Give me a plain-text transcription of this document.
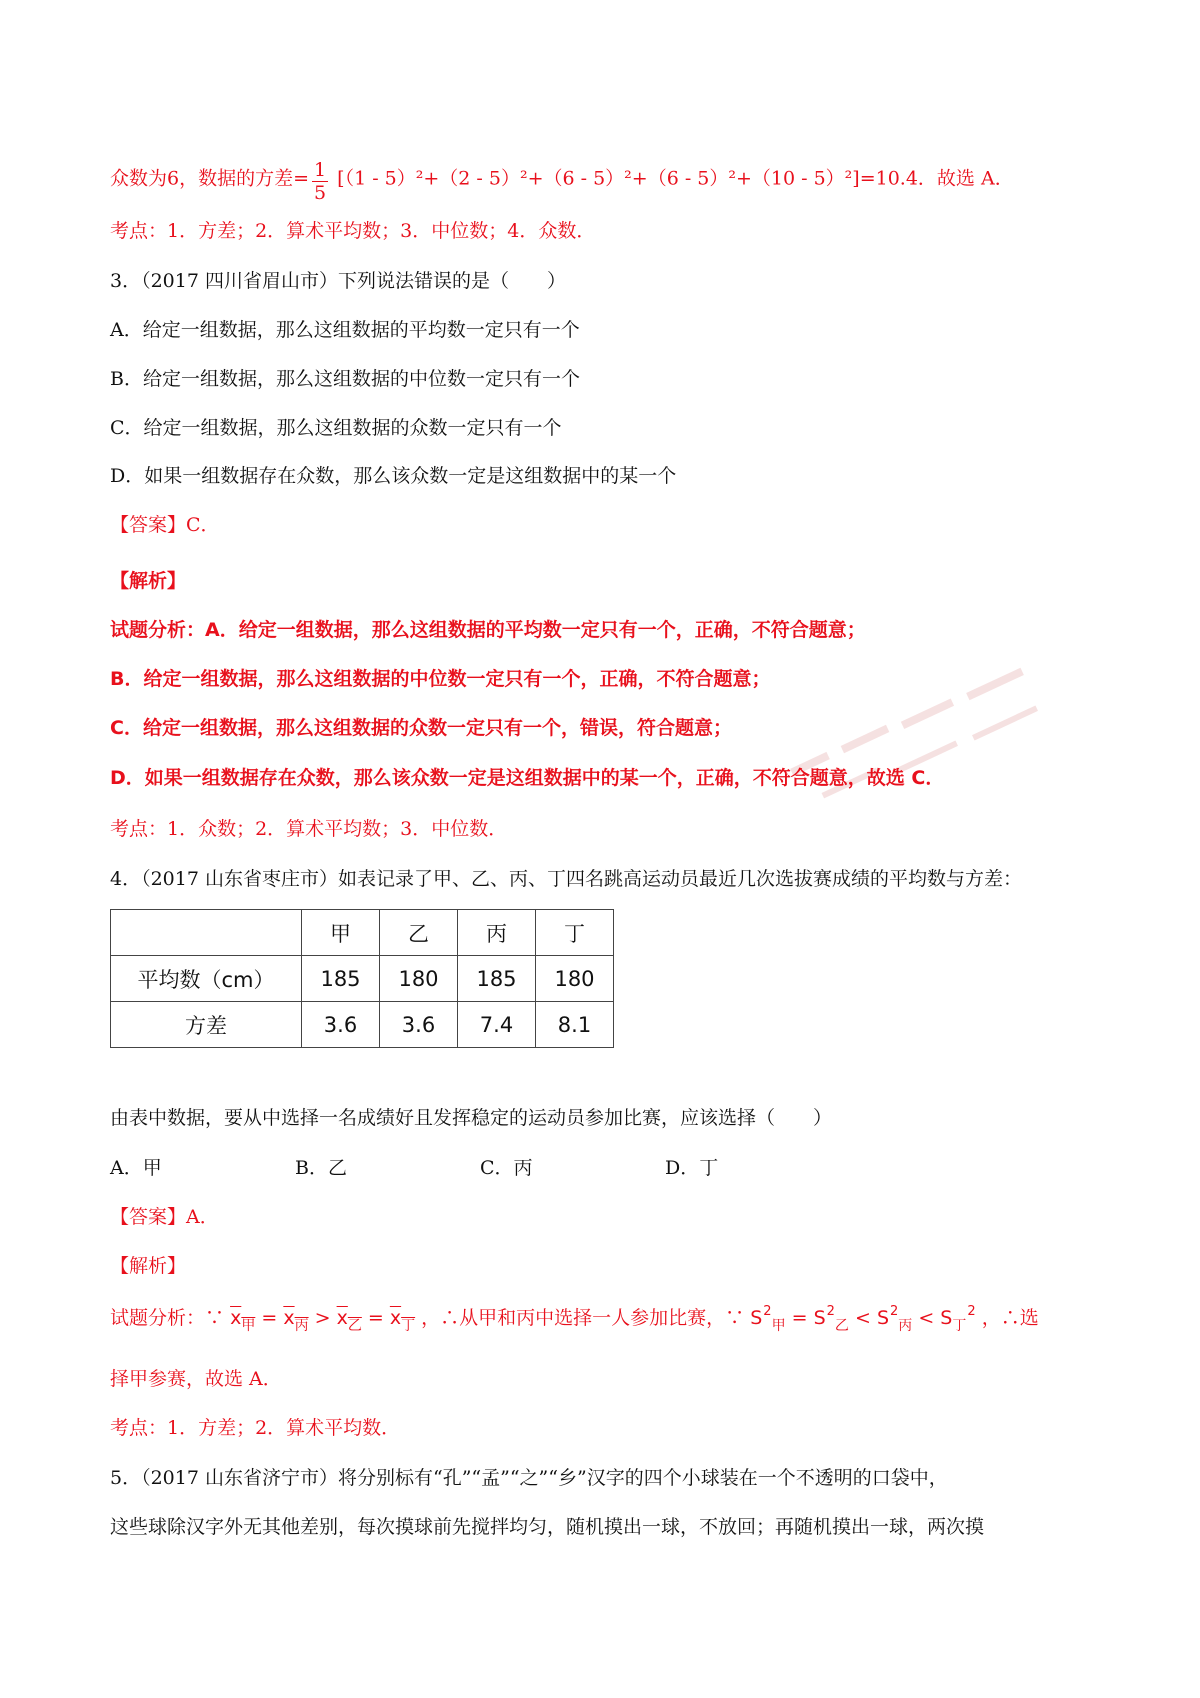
众数为6，数据的方差= $\frac{1}{5} [(1 - 5)^2+(2 - 5)^2+(6 - 5)^2+(6 - 5)^2+(10 - 5)^2]=10.4$．故选 A．

考点：1．方差；2．算术平均数；3．中位数；4．众数．

3．（2017 四川省眉山市）下列说法错误的是（　　）

A．给定一组数据，那么这组数据的平均数一定只有一个

B．给定一组数据，那么这组数据的中位数一定只有一个

C．给定一组数据，那么这组数据的众数一定只有一个

D．如果一组数据存在众数，那么该众数一定是这组数据中的某一个

【答案】C．

【解析】

试题分析：A．给定一组数据，那么这组数据的平均数一定只有一个，正确，不符合题意；

B．给定一组数据，那么这组数据的中位数一定只有一个，正确，不符合题意；

C．给定一组数据，那么这组数据的众数一定只有一个，错误，符合题意；

D．如果一组数据存在众数，那么该众数一定是这组数据中的某一个，正确，不符合题意，故选 C．

考点：1．众数；2．算术平均数；3．中位数．

4．（2017 山东省枣庄市）如表记录了甲、乙、丙、丁四名跳高运动员最近几次选拔赛成绩的平均数与方差：

	甲	乙	丙	丁
平均数（cm）	185	180	185	180
方差	3.6	3.6	7.4	8.1

由表中数据，要从中选择一名成绩好且发挥稳定的运动员参加比赛，应该选择（　　）

A．甲	B．乙	C．丙	D．丁

【答案】A．

【解析】

试题分析：∵ $x_甲 = x_丙 > x_乙 = x_丁$ ，∴从甲和丙中选择一人参加比赛，∵ $S^2_甲 = S^2_乙 < S^2_丙 < S_丁^2$ ，∴选

择甲参赛，故选 A．

考点：1．方差；2．算术平均数．

5．（2017 山东省济宁市）将分别标有“孔”“孟”“之”“乡”汉字的四个小球装在一个不透明的口袋中，

这些球除汉字外无其他差别，每次摸球前先搅拌均匀，随机摸出一球，不放回；再随机摸出一球，两次摸
